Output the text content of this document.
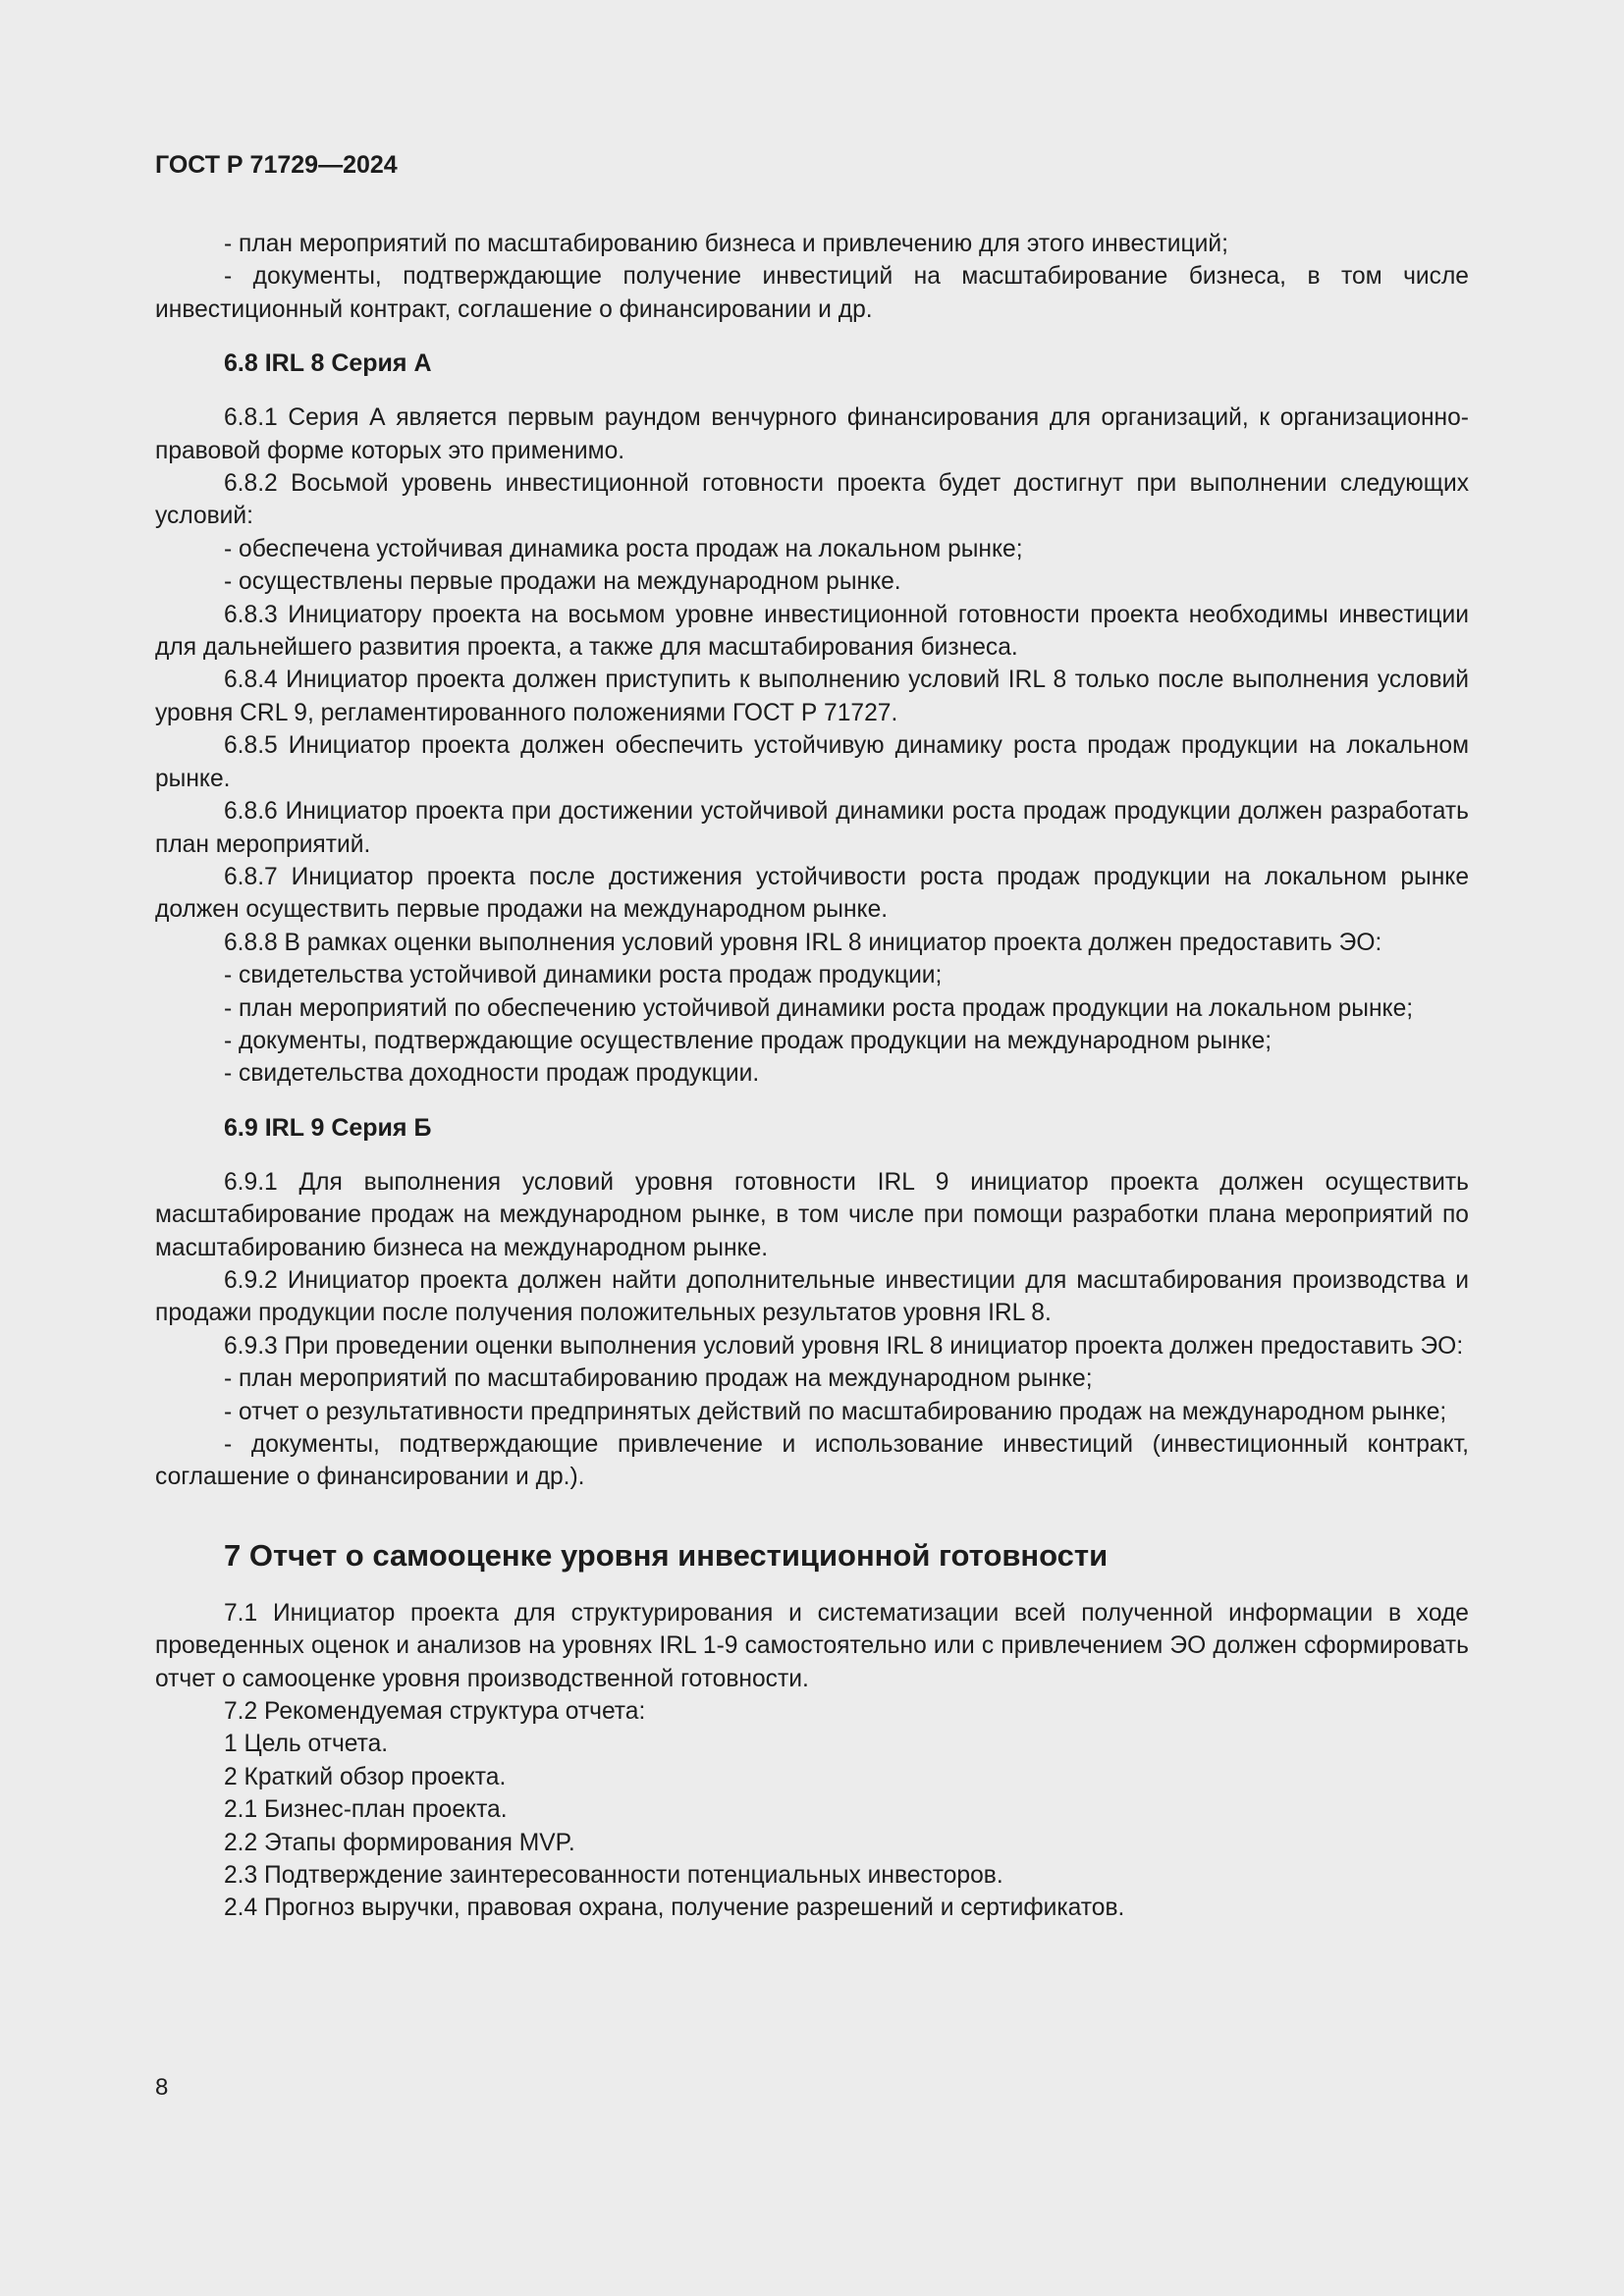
ГОСТ Р 71729—2024

- план мероприятий по масштабированию бизнеса и привлечению для этого инвестиций;

- документы, подтверждающие получение инвестиций на масштабирование бизнеса, в том числе инвестиционный контракт, соглашение о финансировании и др.

6.8 IRL 8 Серия А

6.8.1 Серия А является первым раундом венчурного финансирования для организаций, к организационно-правовой форме которых это применимо.

6.8.2 Восьмой уровень инвестиционной готовности проекта будет достигнут при выполнении следующих условий:

- обеспечена устойчивая динамика роста продаж на локальном рынке;

- осуществлены первые продажи на международном рынке.

6.8.3 Инициатору проекта на восьмом уровне инвестиционной готовности проекта необходимы инвестиции для дальнейшего развития проекта, а также для масштабирования бизнеса.

6.8.4 Инициатор проекта должен приступить к выполнению условий IRL 8 только после выполнения условий уровня CRL 9, регламентированного положениями ГОСТ Р 71727.

6.8.5 Инициатор проекта должен обеспечить устойчивую динамику роста продаж продукции на локальном рынке.

6.8.6 Инициатор проекта при достижении устойчивой динамики роста продаж продукции должен разработать план мероприятий.

6.8.7 Инициатор проекта после достижения устойчивости роста продаж продукции на локальном рынке должен осуществить первые продажи на международном рынке.

6.8.8 В рамках оценки выполнения условий уровня IRL 8 инициатор проекта должен предоставить ЭО:

- свидетельства устойчивой динамики роста продаж продукции;

- план мероприятий по обеспечению устойчивой динамики роста продаж продукции на локальном рынке;

- документы, подтверждающие осуществление продаж продукции на международном рынке;

- свидетельства доходности продаж продукции.

6.9 IRL 9 Серия Б

6.9.1 Для выполнения условий уровня готовности IRL 9 инициатор проекта должен осуществить масштабирование продаж на международном рынке, в том числе при помощи разработки плана мероприятий по масштабированию бизнеса на международном рынке.

6.9.2 Инициатор проекта должен найти дополнительные инвестиции для масштабирования производства и продажи продукции после получения положительных результатов уровня IRL 8.

6.9.3 При проведении оценки выполнения условий уровня IRL 8 инициатор проекта должен предоставить ЭО:

- план мероприятий по масштабированию продаж на международном рынке;

- отчет о результативности предпринятых действий по масштабированию продаж на международном рынке;

- документы, подтверждающие привлечение и использование инвестиций (инвестиционный контракт, соглашение о финансировании и др.).

7 Отчет о самооценке уровня инвестиционной готовности

7.1 Инициатор проекта для структурирования и систематизации всей полученной информации в ходе проведенных оценок и анализов на уровнях IRL 1-9 самостоятельно или с привлечением ЭО должен сформировать отчет о самооценке уровня производственной готовности.

7.2 Рекомендуемая структура отчета:

1 Цель отчета.

2 Краткий обзор проекта.

2.1 Бизнес-план проекта.

2.2 Этапы формирования MVP.

2.3 Подтверждение заинтересованности потенциальных инвесторов.

2.4 Прогноз выручки, правовая охрана, получение разрешений и сертификатов.

8
